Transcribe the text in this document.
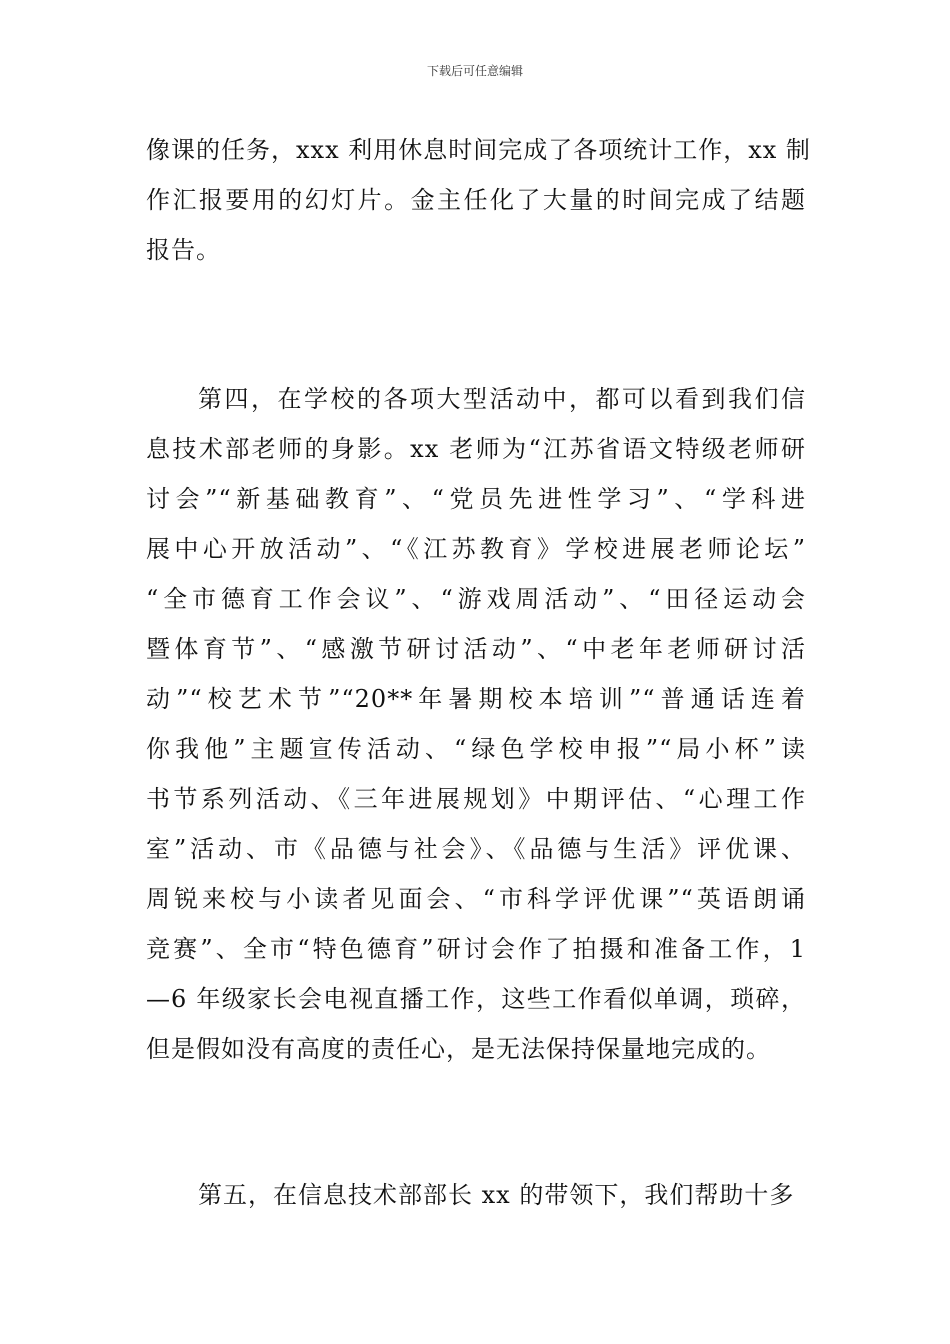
下载后可任意编辑
像课的任务，xxx 利用休息时间完成了各项统计工作，xx 制
作汇报要用的幻灯片。金主任化了大量的时间完成了结题
报告。
第四，在学校的各项大型活动中，都可以看到我们信
息技术部老师的身影。xx 老师为“江苏省语文特级老师研
讨会”“新基础教育”、“党员先进性学习”、“学科进
展中心开放活动”、“《江苏教育》学校进展老师论坛”
“全市德育工作会议”、“游戏周活动”、“田径运动会
暨体育节”、“感激节研讨活动”、“中老年老师研讨活
动”“校艺术节”“20**年暑期校本培训”“普通话连着
你我他”主题宣传活动、“绿色学校申报”“局小杯”读
书节系列活动、《三年进展规划》中期评估、“心理工作
室”活动、市《品德与社会》、《品德与生活》评优课、
周锐来校与小读者见面会、“市科学评优课”“英语朗诵
竞赛”、全市“特色德育”研讨会作了拍摄和准备工作，1
—6 年级家长会电视直播工作，这些工作看似单调，琐碎，
但是假如没有高度的责任心，是无法保持保量地完成的。
第五，在信息技术部部长 xx 的带领下，我们帮助十多
